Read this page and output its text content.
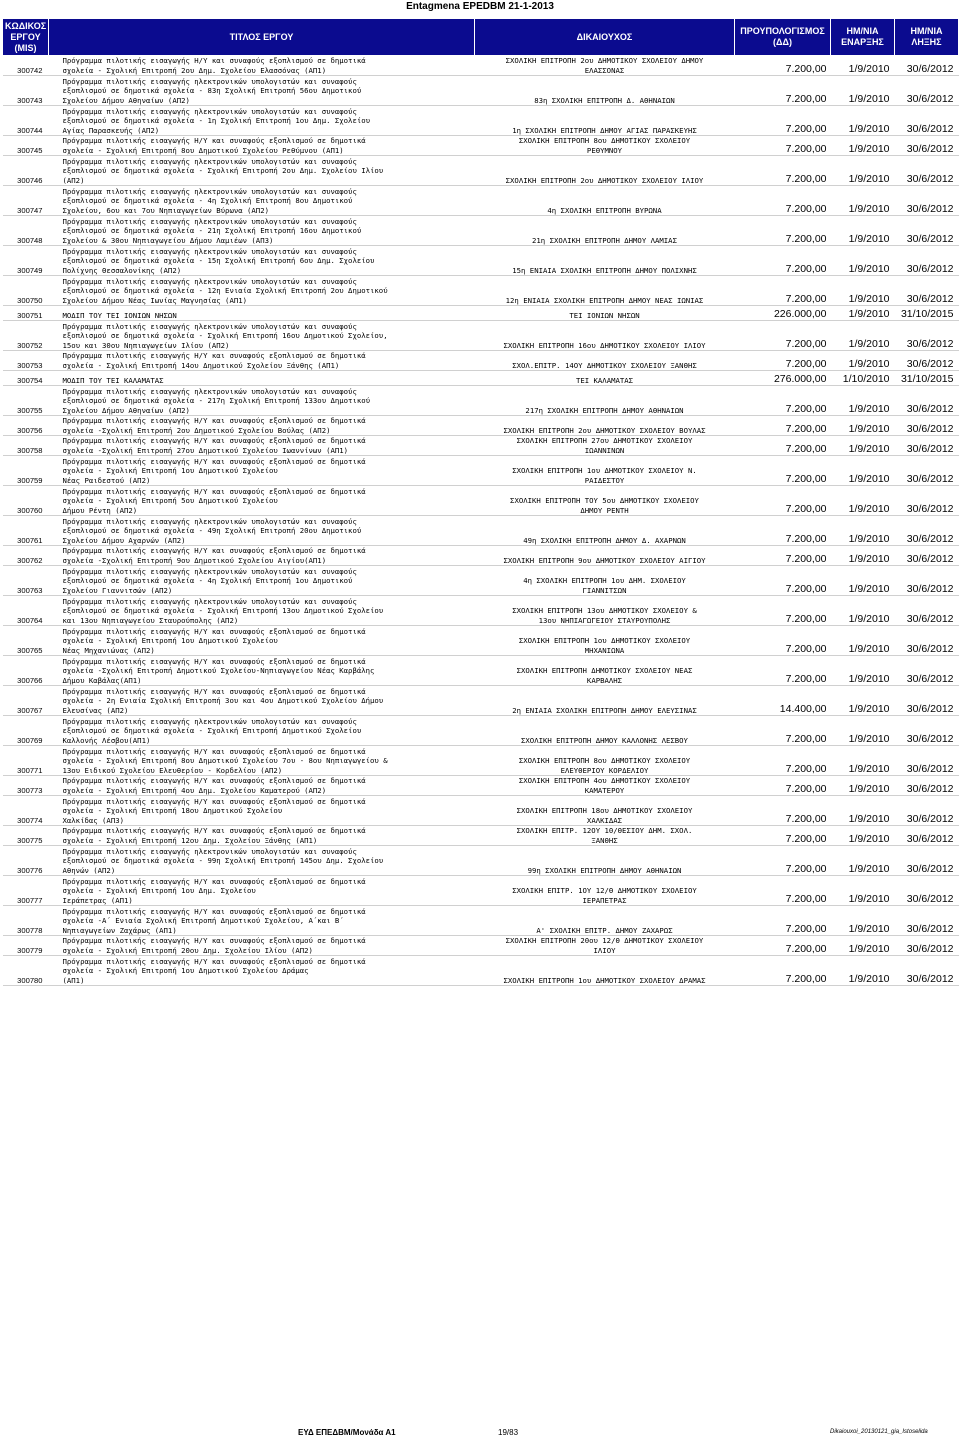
Entagmena EPEDBM 21-1-2013
ΚΩΔΙΚΟΣ
ΕΡΓΟΥ
(MIS)	ΤΙΤΛΟΣ ΕΡΓΟΥ	ΔΙΚΑΙΟΥΧΟΣ	ΠΡΟΥΠΟΛΟΓΙΣΜΟΣ
(ΔΔ)	ΗΜ/ΝΙΑ
ΕΝΑΡΞΗΣ	ΗΜ/ΝΙΑ ΛΗΞΗΣ
300742	Πρόγραμμα πιλοτικής εισαγωγής Η/Υ και συναφούς εξοπλισμού σε δημοτικά
σχολεία - Σχολική Επιτροπή 2ου Δημ. Σχολείου Ελασσόνας (ΑΠ1)	ΣΧΟΛΙΚΗ ΕΠΙΤΡΟΠΗ 2ου ΔΗΜΟΤΙΚΟΥ ΣΧΟΛΕΙΟΥ ΔΗΜΟΥ
ΕΛΑΣΣΟΝΑΣ	7.200,00	1/9/2010	30/6/2012
300743	Πρόγραμμα πιλοτικής εισαγωγής ηλεκτρονικών υπολογιστών και συναφούς
εξοπλισμού σε δημοτικά σχολεία - 83η Σχολική Επιτροπή 56ου Δημοτικού
Σχολείου Δήμου Αθηναίων (ΑΠ2)	83η ΣΧΟΛΙΚΗ ΕΠΙΤΡΟΠΗ Δ. ΑΘΗΝΑΙΩΝ	7.200,00	1/9/2010	30/6/2012
300744	Πρόγραμμα πιλοτικής εισαγωγής ηλεκτρονικών υπολογιστών και συναφούς
εξοπλισμού σε δημοτικά σχολεία - 1η Σχολική Επιτροπή 1ου Δημ. Σχολείου
Αγίας Παρασκευής (ΑΠ2)	1η ΣΧΟΛΙΚΗ ΕΠΙΤΡΟΠΗ ΔΗΜΟΥ ΑΓΙΑΣ ΠΑΡΑΣΚΕΥΗΣ	7.200,00	1/9/2010	30/6/2012
300745	Πρόγραμμα πιλοτικής εισαγωγής Η/Υ και συναφούς εξοπλισμού σε δημοτικά
σχολεία - Σχολική Επιτροπή 8ου Δημοτικού Σχολείου Ρεθύμνου (ΑΠ1)	ΣΧΟΛΙΚΗ ΕΠΙΤΡΟΠΗ 8ου ΔΗΜΟΤΙΚΟΥ ΣΧΟΛΕΙΟΥ
ΡΕΘΥΜΝΟΥ	7.200,00	1/9/2010	30/6/2012
300746	Πρόγραμμα πιλοτικής εισαγωγής ηλεκτρονικών υπολογιστών και συναφούς
εξοπλισμού σε δημοτικά σχολεία - Σχολική Επιτροπή 2ου Δημ. Σχολείου Ιλίου
(ΑΠ2)	ΣΧΟΛΙΚΗ ΕΠΙΤΡΟΠΗ 2ου ΔΗΜΟΤΙΚΟΥ ΣΧΟΛΕΙΟΥ ΙΛΙΟΥ	7.200,00	1/9/2010	30/6/2012
300747	Πρόγραμμα πιλοτικής εισαγωγής ηλεκτρονικών υπολογιστών και συναφούς
εξοπλισμού σε δημοτικά σχολεία - 4η Σχολική Επιτροπή 8ου Δημοτικού
Σχολείου, 6ου και 7ου Νηπιαγωγείων Βύρωνα (ΑΠ2)	4η ΣΧΟΛΙΚΗ ΕΠΙΤΡΟΠΗ ΒΥΡΩΝΑ	7.200,00	1/9/2010	30/6/2012
300748	Πρόγραμμα πιλοτικής εισαγωγής ηλεκτρονικών υπολογιστών και συναφούς
εξοπλισμού σε δημοτικά σχολεία - 21η Σχολική Επιτροπή 16ου Δημοτικού
Σχολείου & 30ου Νηπιαγωγείου Δήμου Λαμιέων (ΑΠ3)	21η ΣΧΟΛΙΚΗ ΕΠΙΤΡΟΠΗ ΔΗΜΟΥ ΛΑΜΙΑΣ	7.200,00	1/9/2010	30/6/2012
300749	Πρόγραμμα πιλοτικής εισαγωγής ηλεκτρονικών υπολογιστών και συναφούς
εξοπλισμού σε δημοτικά σχολεία - 15η Σχολική Επιτροπή 6ου Δημ. Σχολείου
Πολίχνης Θεσσαλονίκης (ΑΠ2)	15η ΕΝΙΑΙΑ ΣΧΟΛΙΚΗ ΕΠΙΤΡΟΠΗ ΔΗΜΟΥ ΠΟΛΙΧΝΗΣ	7.200,00	1/9/2010	30/6/2012
300750	Πρόγραμμα πιλοτικής εισαγωγής ηλεκτρονικών υπολογιστών και συναφούς
εξοπλισμού σε δημοτικά σχολεία - 12η Ενιαία Σχολική Επιτροπή 2ου Δημοτικού
Σχολείου Δήμου Νέας Ιωνίας Μαγνησίας (ΑΠ1)	12η ΕΝΙΑΙΑ ΣΧΟΛΙΚΗ ΕΠΙΤΡΟΠΗ ΔΗΜΟΥ ΝΕΑΣ ΙΩΝΙΑΣ	7.200,00	1/9/2010	30/6/2012
300751	ΜΟΔΙΠ ΤΟΥ ΤΕΙ ΙΟΝΙΩΝ ΝΗΣΩΝ	ΤΕΙ ΙΟΝΙΩΝ ΝΗΣΩΝ	226.000,00	1/9/2010	31/10/2015
300752	Πρόγραμμα πιλοτικής εισαγωγής ηλεκτρονικών υπολογιστών και συναφούς
εξοπλισμού σε δημοτικά σχολεία - Σχολική Επιτροπή 16ου Δημοτικού Σχολείου,
15ου και 30ου Νηπιαγωγείων Ιλίου (ΑΠ2)	ΣΧΟΛΙΚΗ ΕΠΙΤΡΟΠΗ 16ου ΔΗΜΟΤΙΚΟΥ ΣΧΟΛΕΙΟΥ ΙΛΙΟΥ	7.200,00	1/9/2010	30/6/2012
300753	Πρόγραμμα πιλοτικής εισαγωγής Η/Υ και συναφούς εξοπλισμού σε δημοτικά
σχολεία - Σχολική Επιτροπή 14ου Δημοτικού Σχολείου Ξάνθης (ΑΠ1)	ΣΧΟΛ.ΕΠΙΤΡ. 14ΟΥ ΔΗΜΟΤΙΚΟΥ ΣΧΟΛΕΙΟΥ ΞΑΝΘΗΣ	7.200,00	1/9/2010	30/6/2012
300754	ΜΟΔΙΠ ΤΟΥ ΤΕΙ ΚΑΛΑΜΑΤΑΣ	ΤΕΙ ΚΑΛΑΜΑΤΑΣ	276.000,00	1/10/2010	31/10/2015
300755	Πρόγραμμα πιλοτικής εισαγωγής ηλεκτρονικών υπολογιστών και συναφούς
εξοπλισμού σε δημοτικά σχολεία - 217η Σχολική Επιτροπή 133ου Δημοτικού
Σχολείου Δήμου Αθηναίων (ΑΠ2)	217η ΣΧΟΛΙΚΗ ΕΠΙΤΡΟΠΗ ΔΗΜΟΥ ΑΘΗΝΑΙΩΝ	7.200,00	1/9/2010	30/6/2012
300756	Πρόγραμμα πιλοτικής εισαγωγής Η/Υ και συναφούς εξοπλισμού σε δημοτικά
σχολεία -Σχολική Επιτροπή 2ου Δημοτικού Σχολείου Βούλας (ΑΠ2)	ΣΧΟΛΙΚΗ ΕΠΙΤΡΟΠΗ 2ου ΔΗΜΟΤΙΚΟΥ ΣΧΟΛΕΙΟΥ ΒΟΥΛΑΣ	7.200,00	1/9/2010	30/6/2012
300758	Πρόγραμμα πιλοτικής εισαγωγής Η/Υ και συναφούς εξοπλισμού σε δημοτικά
σχολεία -Σχολική Επιτροπή 27ου Δημοτικού Σχολείου Ιωαννίνων (ΑΠ1)	ΣΧΟΛΙΚΗ ΕΠΙΤΡΟΠΗ 27ου ΔΗΜΟΤΙΚΟΥ ΣΧΟΛΕΙΟΥ
ΙΩΑΝΝΙΝΩΝ	7.200,00	1/9/2010	30/6/2012
300759	Πρόγραμμα πιλοτικής εισαγωγής Η/Υ και συναφούς εξοπλισμού σε δημοτικά
σχολεία - Σχολική Επιτροπή 1ου Δημοτικού Σχολείου
Νέας Ραιδεστού (ΑΠ2)	ΣΧΟΛΙΚΗ ΕΠΙΤΡΟΠΗ 1ου ΔΗΜΟΤΙΚΟΥ ΣΧΟΛΕΙΟΥ Ν.
ΡΑΙΔΕΣΤΟΥ	7.200,00	1/9/2010	30/6/2012
300760	Πρόγραμμα πιλοτικής εισαγωγής Η/Υ και συναφούς εξοπλισμού σε δημοτικά
σχολεία - Σχολική Επιτροπή 5ου Δημοτικού Σχολείου
Δήμου Ρέντη (ΑΠ2)	ΣΧΟΛΙΚΗ ΕΠΙΤΡΟΠΗ ΤΟΥ 5ου ΔΗΜΟΤΙΚΟΥ ΣΧΟΛΕΙΟΥ
ΔΗΜΟΥ ΡΕΝΤΗ	7.200,00	1/9/2010	30/6/2012
300761	Πρόγραμμα πιλοτικής εισαγωγής ηλεκτρονικών υπολογιστών και συναφούς
εξοπλισμού σε δημοτικά σχολεία - 49η Σχολική Επιτροπή 20ου Δημοτικού
Σχολείου Δήμου Αχαρνών (ΑΠ2)	49η ΣΧΟΛΙΚΗ ΕΠΙΤΡΟΠΗ ΔΗΜΟΥ Δ. ΑΧΑΡΝΩΝ	7.200,00	1/9/2010	30/6/2012
300762	Πρόγραμμα πιλοτικής εισαγωγής Η/Υ και συναφούς εξοπλισμού σε δημοτικά
σχολεία -Σχολική Επιτροπή 9ου Δημοτικού Σχολείου Αιγίου(ΑΠ1)	ΣΧΟΛΙΚΗ ΕΠΙΤΡΟΠΗ 9ου ΔΗΜΟΤΙΚΟΥ ΣΧΟΛΕΙΟΥ ΑΙΓΙΟΥ	7.200,00	1/9/2010	30/6/2012
300763	Πρόγραμμα πιλοτικής εισαγωγής ηλεκτρονικών υπολογιστών και συναφούς
εξοπλισμού σε δημοτικά σχολεία - 4η Σχολική Επιτροπή 1ου Δημοτικού
Σχολείου Γιαννιτσών (ΑΠ2)	4η ΣΧΟΛΙΚΗ ΕΠΙΤΡΟΠΗ 1ου ΔΗΜ. ΣΧΟΛΕΙΟΥ
ΓΙΑΝΝΙΤΣΩΝ	7.200,00	1/9/2010	30/6/2012
300764	Πρόγραμμα πιλοτικής εισαγωγής ηλεκτρονικών υπολογιστών και συναφούς
εξοπλισμού σε δημοτικά σχολεία - Σχολική Επιτροπή 13ου Δημοτικού Σχολείου
και 13ου Νηπιαγωγείου Σταυρούπολης (ΑΠ2)	ΣΧΟΛΙΚΗ ΕΠΙΤΡΟΠΗ 13ου ΔΗΜΟΤΙΚΟΥ ΣΧΟΛΕΙΟΥ &
13ου ΝΗΠΙΑΓΩΓΕΙΟΥ ΣΤΑΥΡΟΥΠΟΛΗΣ	7.200,00	1/9/2010	30/6/2012
300765	Πρόγραμμα πιλοτικής εισαγωγής Η/Υ και συναφούς εξοπλισμού σε δημοτικά
σχολεία - Σχολική Επιτροπή 1ου Δημοτικού Σχολείου
Νέας Μηχανιώνας (ΑΠ2)	ΣΧΟΛΙΚΗ ΕΠΙΤΡΟΠΗ 1ου ΔΗΜΟΤΙΚΟΥ ΣΧΟΛΕΙΟΥ
ΜΗΧΑΝΙΩΝΑ	7.200,00	1/9/2010	30/6/2012
300766	Πρόγραμμα πιλοτικής εισαγωγής Η/Υ και συναφούς εξοπλισμού σε δημοτικά
σχολεία -Σχολική Επιτροπή Δημοτικού Σχολείου-Νηπιαγωγείου Νέας Καρβάλης
Δήμου Καβάλας(ΑΠ1)	ΣΧΟΛΙΚΗ ΕΠΙΤΡΟΠΗ ΔΗΜΟΤΙΚΟΥ ΣΧΟΛΕΙΟΥ ΝΕΑΣ
ΚΑΡΒΑΛΗΣ	7.200,00	1/9/2010	30/6/2012
300767	Πρόγραμμα πιλοτικής εισαγωγής Η/Υ και συναφούς εξοπλισμού σε δημοτικά
σχολεία - 2η Ενιαία Σχολική Επιτροπή 3ου και 4ου Δημοτικού Σχολείου Δήμου
Ελευσίνας (ΑΠ2)	2η ΕΝΙΑΙΑ ΣΧΟΛΙΚΗ ΕΠΙΤΡΟΠΗ ΔΗΜΟΥ ΕΛΕΥΣΙΝΑΣ	14.400,00	1/9/2010	30/6/2012
300769	Πρόγραμμα πιλοτικής εισαγωγής ηλεκτρονικών υπολογιστών και συναφούς
εξοπλισμού σε δημοτικά σχολεία - Σχολική Επιτροπή Δημοτικού Σχολείου
Καλλονής Λέσβου(ΑΠ1)	ΣΧΟΛΙΚΗ ΕΠΙΤΡΟΠΗ ΔΗΜΟΥ ΚΑΛΛΟΝΗΣ ΛΕΣΒΟΥ	7.200,00	1/9/2010	30/6/2012
300771	Πρόγραμμα πιλοτικής εισαγωγής Η/Υ και συναφούς εξοπλισμού σε δημοτικά
σχολεία - Σχολική Επιτροπή 8ου Δημοτικού Σχολείου 7ου - 8ου Νηπιαγωγείου &
13ου Ειδικού Σχολείου Ελευθερίου - Κορδελίου (ΑΠ2)	ΣΧΟΛΙΚΗ ΕΠΙΤΡΟΠΗ 8ου ΔΗΜΟΤΙΚΟΥ ΣΧΟΛΕΙΟΥ
ΕΛΕΥΘΕΡΙΟΥ ΚΟΡΔΕΛΙΟΥ	7.200,00	1/9/2010	30/6/2012
300773	Πρόγραμμα πιλοτικής εισαγωγής Η/Υ και συναφούς εξοπλισμού σε δημοτικά
σχολεία - Σχολική Επιτροπή 4ου Δημ. Σχολείου Καματερού (ΑΠ2)	ΣΧΟΛΙΚΗ ΕΠΙΤΡΟΠΗ 4ου ΔΗΜΟΤΙΚΟΥ ΣΧΟΛΕΙΟΥ
ΚΑΜΑΤΕΡΟΥ	7.200,00	1/9/2010	30/6/2012
300774	Πρόγραμμα πιλοτικής εισαγωγής Η/Υ και συναφούς εξοπλισμού σε δημοτικά
σχολεία - Σχολική Επιτροπή 18ου Δημοτικού Σχολείου
Χαλκίδας (ΑΠ3)	ΣΧΟΛΙΚΗ ΕΠΙΤΡΟΠΗ 18ου ΔΗΜΟΤΙΚΟΥ ΣΧΟΛΕΙΟΥ
ΧΑΛΚΙΔΑΣ	7.200,00	1/9/2010	30/6/2012
300775	Πρόγραμμα πιλοτικής εισαγωγής Η/Υ και συναφούς εξοπλισμού σε δημοτικά
σχολεία - Σχολική Επιτροπή 12ου Δημ. Σχολείου Ξάνθης (ΑΠ1)	ΣΧΟΛΙΚΗ ΕΠΙΤΡ. 12ΟΥ 10/ΘΕΣΙΟΥ ΔΗΜ. ΣΧΟΛ.
ΞΑΝΘΗΣ	7.200,00	1/9/2010	30/6/2012
300776	Πρόγραμμα πιλοτικής εισαγωγής ηλεκτρονικών υπολογιστών και συναφούς
εξοπλισμού σε δημοτικά σχολεία - 99η Σχολική Επιτροπή 145ου Δημ. Σχολείου
Αθηνών (ΑΠ2)	99η ΣΧΟΛΙΚΗ ΕΠΙΤΡΟΠΗ ΔΗΜΟΥ ΑΘΗΝΑΙΩΝ	7.200,00	1/9/2010	30/6/2012
300777	Πρόγραμμα πιλοτικής εισαγωγής Η/Υ και συναφούς εξοπλισμού σε δημοτικά
σχολεία - Σχολική Επιτροπή 1ου Δημ. Σχολείου
Ιεράπετρας (ΑΠ1)	ΣΧΟΛΙΚΗ ΕΠΙΤΡ. 1ΟΥ 12/Θ ΔΗΜΟΤΙΚΟΥ ΣΧΟΛΕΙΟΥ
ΙΕΡΑΠΕΤΡΑΣ	7.200,00	1/9/2010	30/6/2012
300778	Πρόγραμμα πιλοτικής εισαγωγής Η/Υ και συναφούς εξοπλισμού σε δημοτικά
σχολεία -Α΄ Ενιαία Σχολική Επιτροπή Δημοτικού Σχολείου, Α΄και Β΄
Νηπιαγωγείων Ζαχάρως (ΑΠ1)	Α' ΣΧΟΛΙΚΗ ΕΠΙΤΡ. ΔΗΜΟΥ ΖΑΧΑΡΩΣ	7.200,00	1/9/2010	30/6/2012
300779	Πρόγραμμα πιλοτικής εισαγωγής Η/Υ και συναφούς εξοπλισμού σε δημοτικά
σχολεία - Σχολική Επιτροπή 20ου Δημ. Σχολείου Ιλίου (ΑΠ2)	ΣΧΟΛΙΚΗ ΕΠΙΤΡΟΠΗ 20ου 12/Θ ΔΗΜΟΤΙΚΟΥ ΣΧΟΛΕΙΟΥ
ΙΛΙΟΥ	7.200,00	1/9/2010	30/6/2012
300780	Πρόγραμμα πιλοτικής εισαγωγής Η/Υ και συναφούς εξοπλισμού σε δημοτικά
σχολεία - Σχολική Επιτροπή 1ου Δημοτικού Σχολείου Δράμας
(ΑΠ1)	ΣΧΟΛΙΚΗ ΕΠΙΤΡΟΠΗ 1ου ΔΗΜΟΤΙΚΟΥ ΣΧΟΛΕΙΟΥ ΔΡΑΜΑΣ	7.200,00	1/9/2010	30/6/2012
ΕΥΔ ΕΠΕΔΒΜ/Μονάδα Α1	19/83	Dikaiouxoi_20130121_gia_Istoselida
